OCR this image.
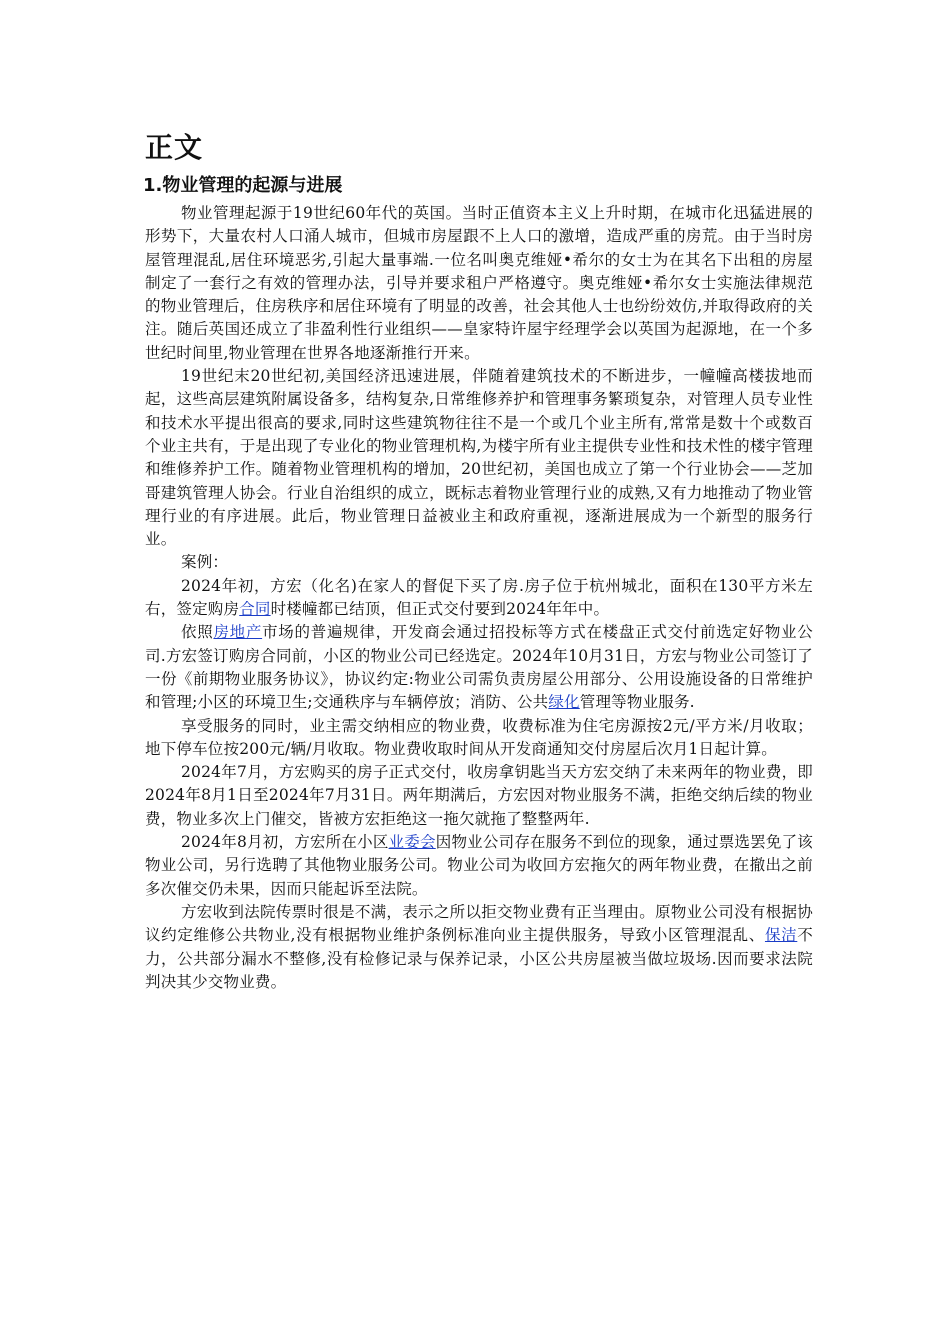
正文
1.物业管理的起源与进展

物业管理起源于19世纪60年代的英国。当时正值资本主义上升时期，在城市化迅猛进展的形势下，大量农村人口涌人城市，但城市房屋跟不上人口的激增，造成严重的房荒。由于当时房屋管理混乱,居住环境恶劣,引起大量事端.一位名叫奥克维娅•希尔的女士为在其名下出租的房屋制定了一套行之有效的管理办法，引导并要求租户严格遵守。奥克维娅•希尔女士实施法律规范的物业管理后，住房秩序和居住环境有了明显的改善，社会其他人士也纷纷效仿,并取得政府的关注。随后英国还成立了非盈利性行业组织——皇家特许屋宇经理学会以英国为起源地，在一个多世纪时间里,物业管理在世界各地逐渐推行开来。

19世纪末20世纪初,美国经济迅速进展，伴随着建筑技术的不断进步，一幢幢高楼拔地而起，这些高层建筑附属设备多，结构复杂,日常维修养护和管理事务繁琐复杂，对管理人员专业性和技术水平提出很高的要求,同时这些建筑物往往不是一个或几个业主所有,常常是数十个或数百个业主共有，于是出现了专业化的物业管理机构,为楼宇所有业主提供专业性和技术性的楼宇管理和维修养护工作。随着物业管理机构的增加，20世纪初，美国也成立了第一个行业协会——芝加哥建筑管理人协会。行业自治组织的成立，既标志着物业管理行业的成熟,又有力地推动了物业管理行业的有序进展。此后，物业管理日益被业主和政府重视，逐渐进展成为一个新型的服务行业。

案例：

2024年初，方宏（化名)在家人的督促下买了房.房子位于杭州城北，面积在130平方米左右，签定购房合同时楼幢都已结顶，但正式交付要到2024年年中。

依照房地产市场的普遍规律，开发商会通过招投标等方式在楼盘正式交付前选定好物业公司.方宏签订购房合同前，小区的物业公司已经选定。2024年10月31日，方宏与物业公司签订了一份《前期物业服务协议》，协议约定:物业公司需负责房屋公用部分、公用设施设备的日常维护和管理;小区的环境卫生;交通秩序与车辆停放；消防、公共绿化管理等物业服务.

享受服务的同时，业主需交纳相应的物业费，收费标准为住宅房源按2元/平方米/月收取；地下停车位按200元/辆/月收取。物业费收取时间从开发商通知交付房屋后次月1日起计算。

2024年7月，方宏购买的房子正式交付，收房拿钥匙当天方宏交纳了未来两年的物业费，即2024年8月1日至2024年7月31日。两年期满后，方宏因对物业服务不满，拒绝交纳后续的物业费，物业多次上门催交，皆被方宏拒绝这一拖欠就拖了整整两年.

2024年8月初，方宏所在小区业委会因物业公司存在服务不到位的现象，通过票选罢免了该物业公司，另行选聘了其他物业服务公司。物业公司为收回方宏拖欠的两年物业费，在撤出之前多次催交仍未果，因而只能起诉至法院。

方宏收到法院传票时很是不满，表示之所以拒交物业费有正当理由。原物业公司没有根据协议约定维修公共物业,没有根据物业维护条例标准向业主提供服务，导致小区管理混乱、保洁不力，公共部分漏水不整修,没有检修记录与保养记录，小区公共房屋被当做垃圾场.因而要求法院判决其少交物业费。
